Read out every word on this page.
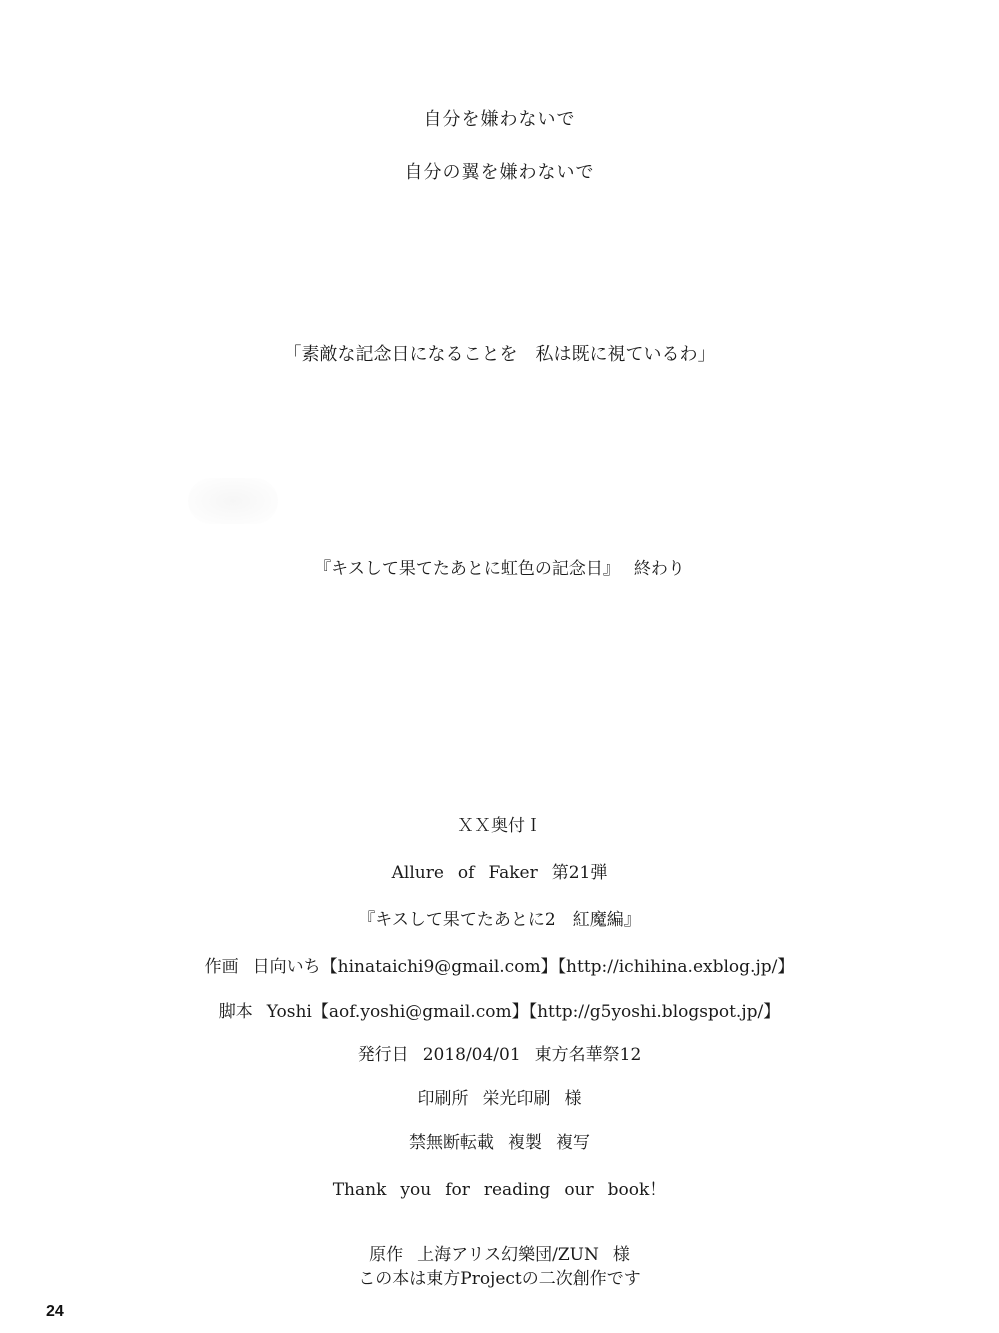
自分を嫌わないで
自分の翼を嫌わないで
「素敵な記念日になることを　私は既に視ているわ」
『キスして果てたあとに虹色の記念日』 終わり
ＸＸ奥付Ｉ
Allure of Faker 第21弾
『キスして果てたあとに2　紅魔編』
作画 日向いち【hinataichi9@gmail.com】【http://ichihina.exblog.jp/】
脚本 Yoshi【aof.yoshi@gmail.com】【http://g5yoshi.blogspot.jp/】
発行日 2018/04/01 東方名華祭12
印刷所 栄光印刷 様
禁無断転載 複製 複写
Thank you for reading our book！
原作 上海アリス幻樂団/ZUN 様
この本は東方Projectの二次創作です
24
